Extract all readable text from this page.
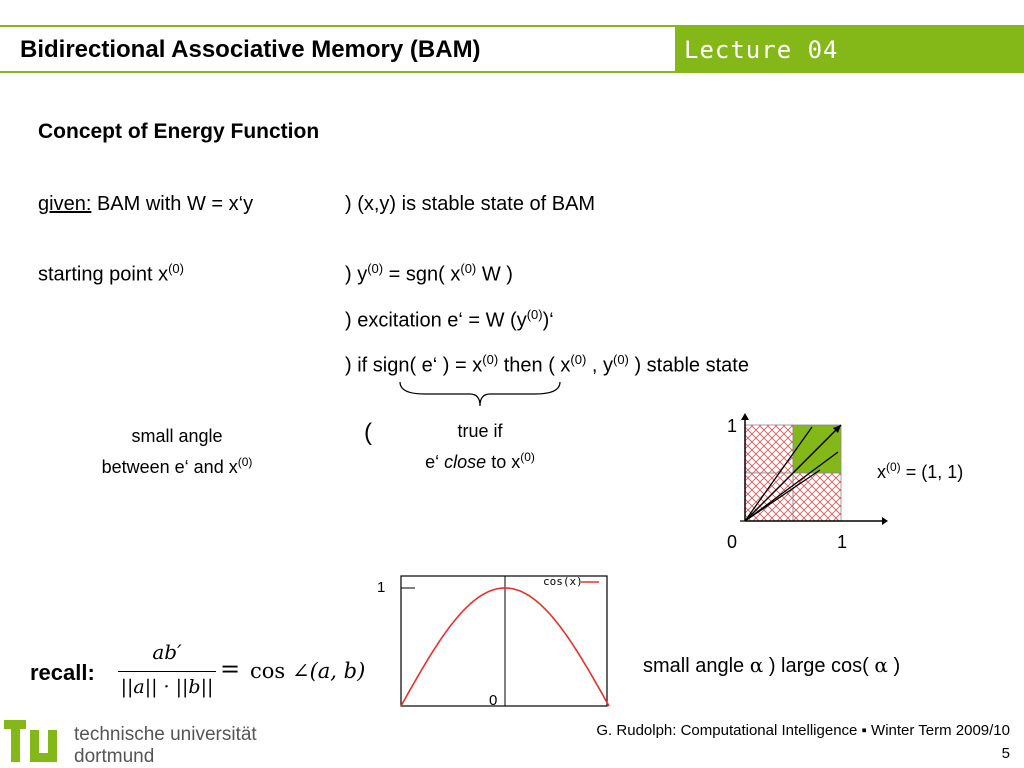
Bidirectional Associative Memory (BAM)	Lecture 04
Concept of Energy Function
given: BAM with W = x‘y	) (x,y) is stable state of BAM
starting point $x^{(0)}$	) $y^{(0)} = sgn$( $x^{(0)}$ W )
) excitation e‘ = W $(y^{(0)})‘$
) if sign( e‘ ) = $x^{(0)}$ then ( $x^{(0)}$ , $y^{(0)}$ ) stable state
small angle
between e‘ and $x^{(0)}$
(	true if
e‘ close to $x^{(0)}$
1
0	1
$x^{(0)} = (1$, 1)
cos(x)
1
0
recall:
ab′
||a|| · ||b||
= cos ∠(a, b)	small angle α ) large cos( α )
technische universität
dortmund
G. Rudolph: Computational Intelligence ▪ Winter Term 2009/10
5
